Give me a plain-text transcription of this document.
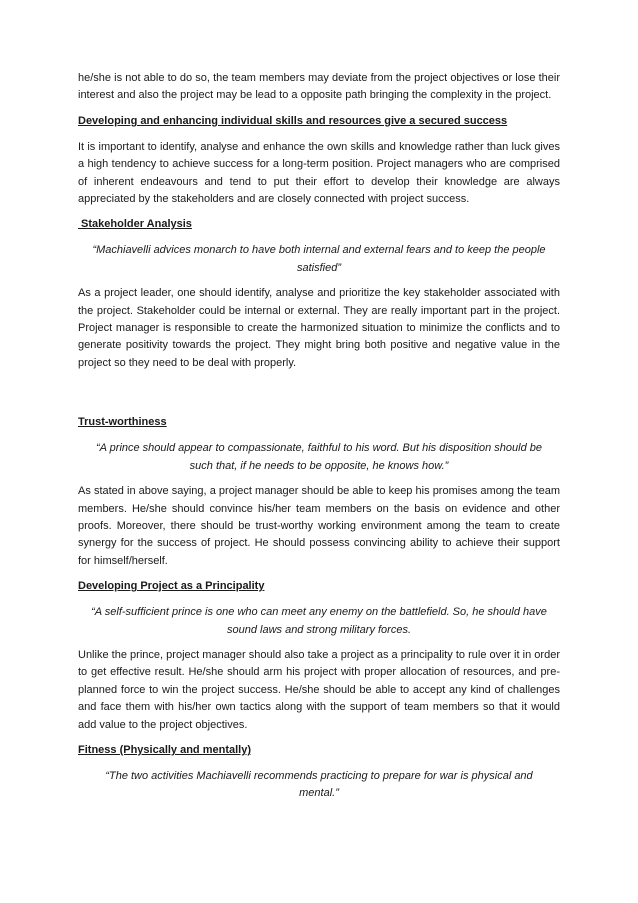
he/she is not able to do so, the team members may deviate from the project objectives or lose their interest and also the project may be lead to a opposite path bringing the complexity in the project.

Developing and enhancing individual skills and resources give a secured success

It is important to identify, analyse and enhance the own skills and knowledge rather than luck gives a high tendency to achieve success for a long-term position. Project managers who are comprised of inherent endeavours and tend to put their effort to develop their knowledge are always appreciated by the stakeholders and are closely connected with project success.

Stakeholder Analysis

“Machiavelli advices monarch to have both internal and external fears and to keep the people satisfied”

As a project leader, one should identify, analyse and prioritize the key stakeholder associated with the project. Stakeholder could be internal or external. They are really important part in the project. Project manager is responsible to create the harmonized situation to minimize the conflicts and to generate positivity towards the project. They might bring both positive and negative value in the project so they need to be deal with properly.

Trust-worthiness

“A prince should appear to compassionate, faithful to his word. But his disposition should be such that, if he needs to be opposite, he knows how.”

As stated in above saying, a project manager should be able to keep his promises among the team members. He/she should convince his/her team members on the basis on evidence and other proofs. Moreover, there should be trust-worthy working environment among the team to create synergy for the success of project. He should possess convincing ability to achieve their support for himself/herself.

Developing Project as a Principality

“A self-sufficient prince is one who can meet any enemy on the battlefield. So, he should have sound laws and strong military forces.

Unlike the prince, project manager should also take a project as a principality to rule over it in order to get effective result. He/she should arm his project with proper allocation of resources, and pre-planned force to win the project success. He/she should be able to accept any kind of challenges and face them with his/her own tactics along with the support of team members so that it would add value to the project objectives.

Fitness (Physically and mentally)

“The two activities Machiavelli recommends practicing to prepare for war is physical and mental.”
